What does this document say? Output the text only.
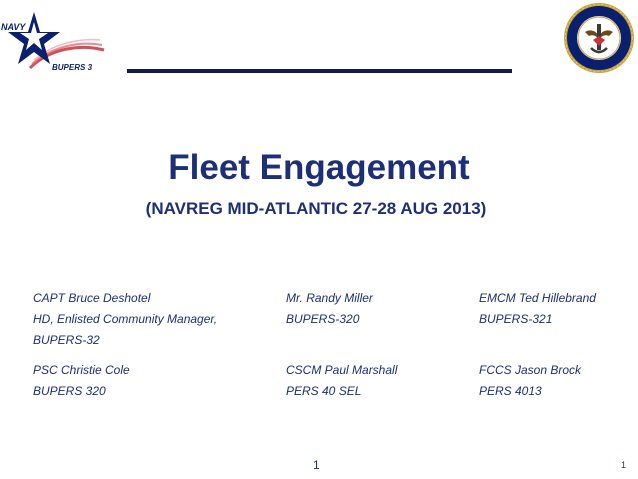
NAVY
BUPERS 3
Fleet Engagement
(NAVREG MID-ATLANTIC 27-28 AUG 2013)
CAPT Bruce Deshotel
HD, Enlisted Community Manager,
BUPERS-32
Mr. Randy Miller
BUPERS-320
EMCM Ted Hillebrand
BUPERS-321
PSC Christie Cole
BUPERS 320
CSCM Paul Marshall
PERS 40 SEL
FCCS Jason Brock
PERS 4013
1	1
